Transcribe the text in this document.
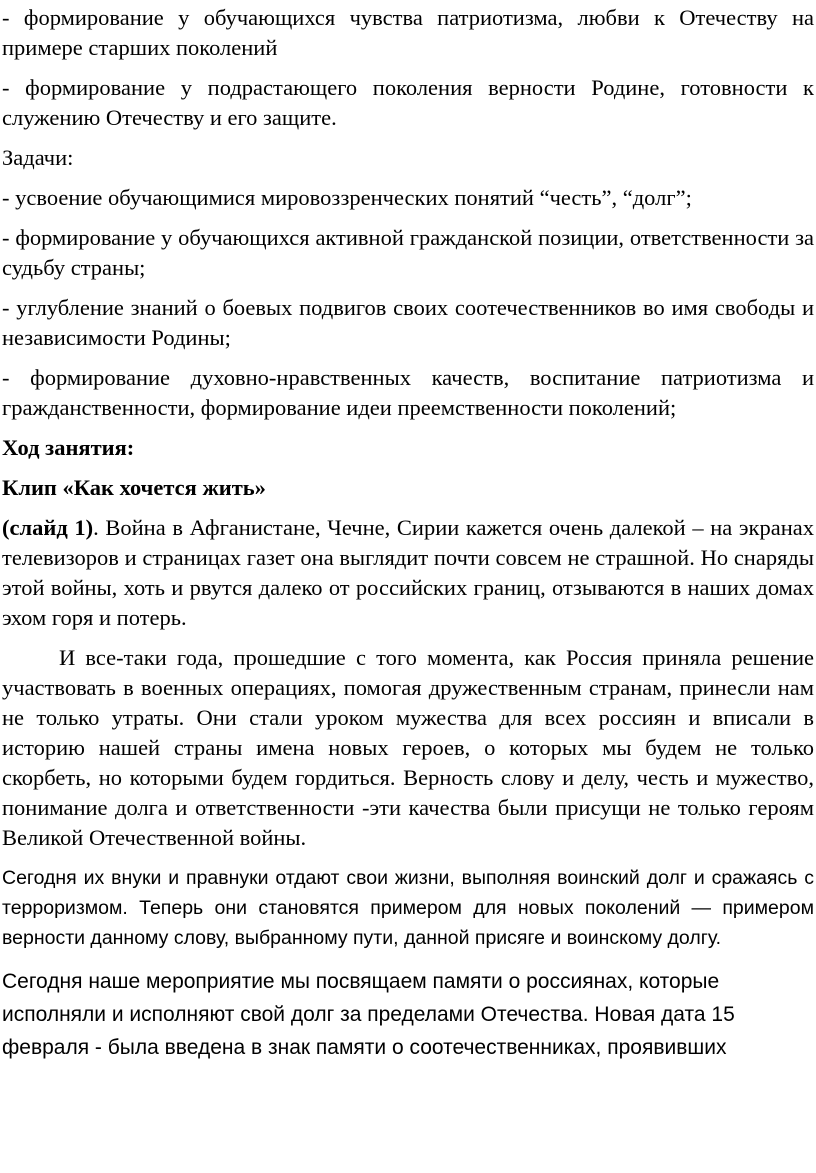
- формирование у обучающихся чувства патриотизма, любви к Отечеству на примере старших поколений

- формирование у подрастающего поколения верности Родине, готовности к служению Отечеству и его защите.

Задачи:

- усвоение обучающимися мировоззренческих понятий “честь”, “долг”;

- формирование у обучающихся активной гражданской позиции, ответственности за судьбу страны;

- углубление знаний о боевых подвигов своих соотечественников во имя свободы и независимости Родины;

- формирование духовно-нравственных качеств, воспитание патриотизма и гражданственности, формирование идеи преемственности поколений;

Ход занятия:

Клип «Как хочется жить»

(слайд 1). Война в Афганистане, Чечне, Сирии кажется очень далекой – на экранах телевизоров и страницах газет она выглядит почти совсем не страшной. Но снаряды этой войны, хоть и рвутся далеко от российских границ, отзываются в наших домах эхом горя и потерь.

И все-таки года, прошедшие с того момента, как Россия приняла решение участвовать в военных операциях, помогая дружественным странам, принесли нам не только утраты. Они стали уроком мужества для всех россиян и вписали в историю нашей страны имена новых героев, о которых мы будем не только скорбеть, но которыми будем гордиться. Верность слову и делу, честь и мужество, понимание долга и ответственности -эти качества были присущи не только героям Великой Отечественной войны.

Сегодня их внуки и правнуки отдают свои жизни, выполняя воинский долг и сражаясь с терроризмом. Теперь они становятся примером для новых поколений — примером верности данному слову, выбранному пути, данной присяге и воинскому долгу.

Сегодня наше мероприятие мы посвящаем памяти о россиянах, которые исполняли и исполняют свой долг за пределами Отечества. Новая дата 15 февраля - была введена в знак памяти о соотечественниках, проявивших
